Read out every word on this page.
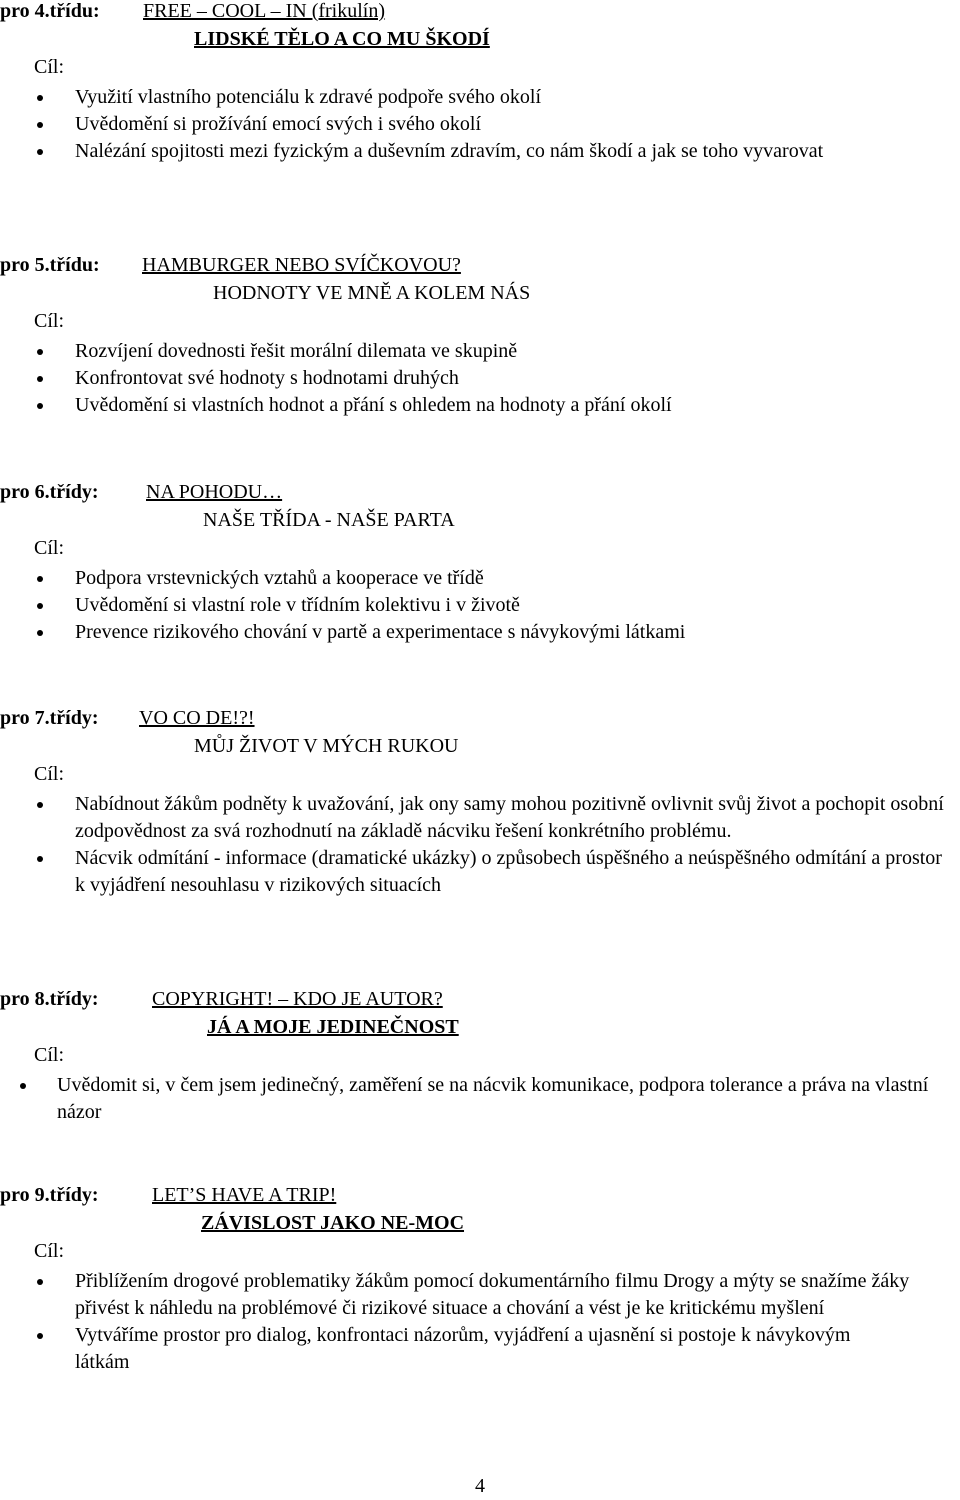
pro 4.třídu: FREE – COOL – IN (frikulín)
LIDSKÉ TĚLO A CO MU ŠKODÍ
Cíl:
Využití vlastního potenciálu k zdravé podpoře svého okolí
Uvědomění si prožívání emocí svých i svého okolí
Nalézání spojitosti mezi fyzickým a duševním zdravím, co nám škodí a jak se toho vyvarovat
pro 5.třídu: HAMBURGER NEBO SVÍČKOVOU?
HODNOTY VE MNĚ A KOLEM NÁS
Cíl:
Rozvíjení dovednosti řešit morální dilemata ve skupině
Konfrontovat své hodnoty s hodnotami druhých
Uvědomění si vlastních hodnot a přání s ohledem na hodnoty a přání okolí
pro 6.třídy: NA POHODU…
NAŠE TŘÍDA - NAŠE PARTA
Cíl:
Podpora vrstevnických vztahů a kooperace ve třídě
Uvědomění si vlastní role v třídním kolektivu i v životě
Prevence rizikového chování v partě a experimentace s návykovými látkami
pro 7.třídy: VO CO DE!?!
MŮJ ŽIVOT V MÝCH RUKOU
Cíl:
Nabídnout žákům podněty k uvažování, jak ony samy mohou pozitivně ovlivnit svůj život a pochopit osobní zodpovědnost za svá rozhodnutí na základě nácviku řešení konkrétního problému.
Nácvik odmítání - informace (dramatické ukázky) o způsobech úspěšného a neúspěšného odmítání a prostor k vyjádření nesouhlasu v rizikových situacích
pro 8.třídy:	COPYRIGHT! – KDO JE AUTOR?
JÁ A MOJE JEDINEČNOST
Cíl:
Uvědomit si, v čem jsem jedinečný, zaměření se na nácvik komunikace, podpora tolerance a práva na vlastní názor
pro 9.třídy:	LET’S HAVE A TRIP!
ZÁVISLOST JAKO NE-MOC
Cíl:
Přiblížením drogové problematiky žákům pomocí dokumentárního filmu Drogy a mýty se snažíme žáky přivést k náhledu na problémové či rizikové situace a chování a vést je ke kritickému myšlení
Vytváříme prostor pro dialog, konfrontaci názorům, vyjádření a ujasnění si postoje k návykovým látkám
4
